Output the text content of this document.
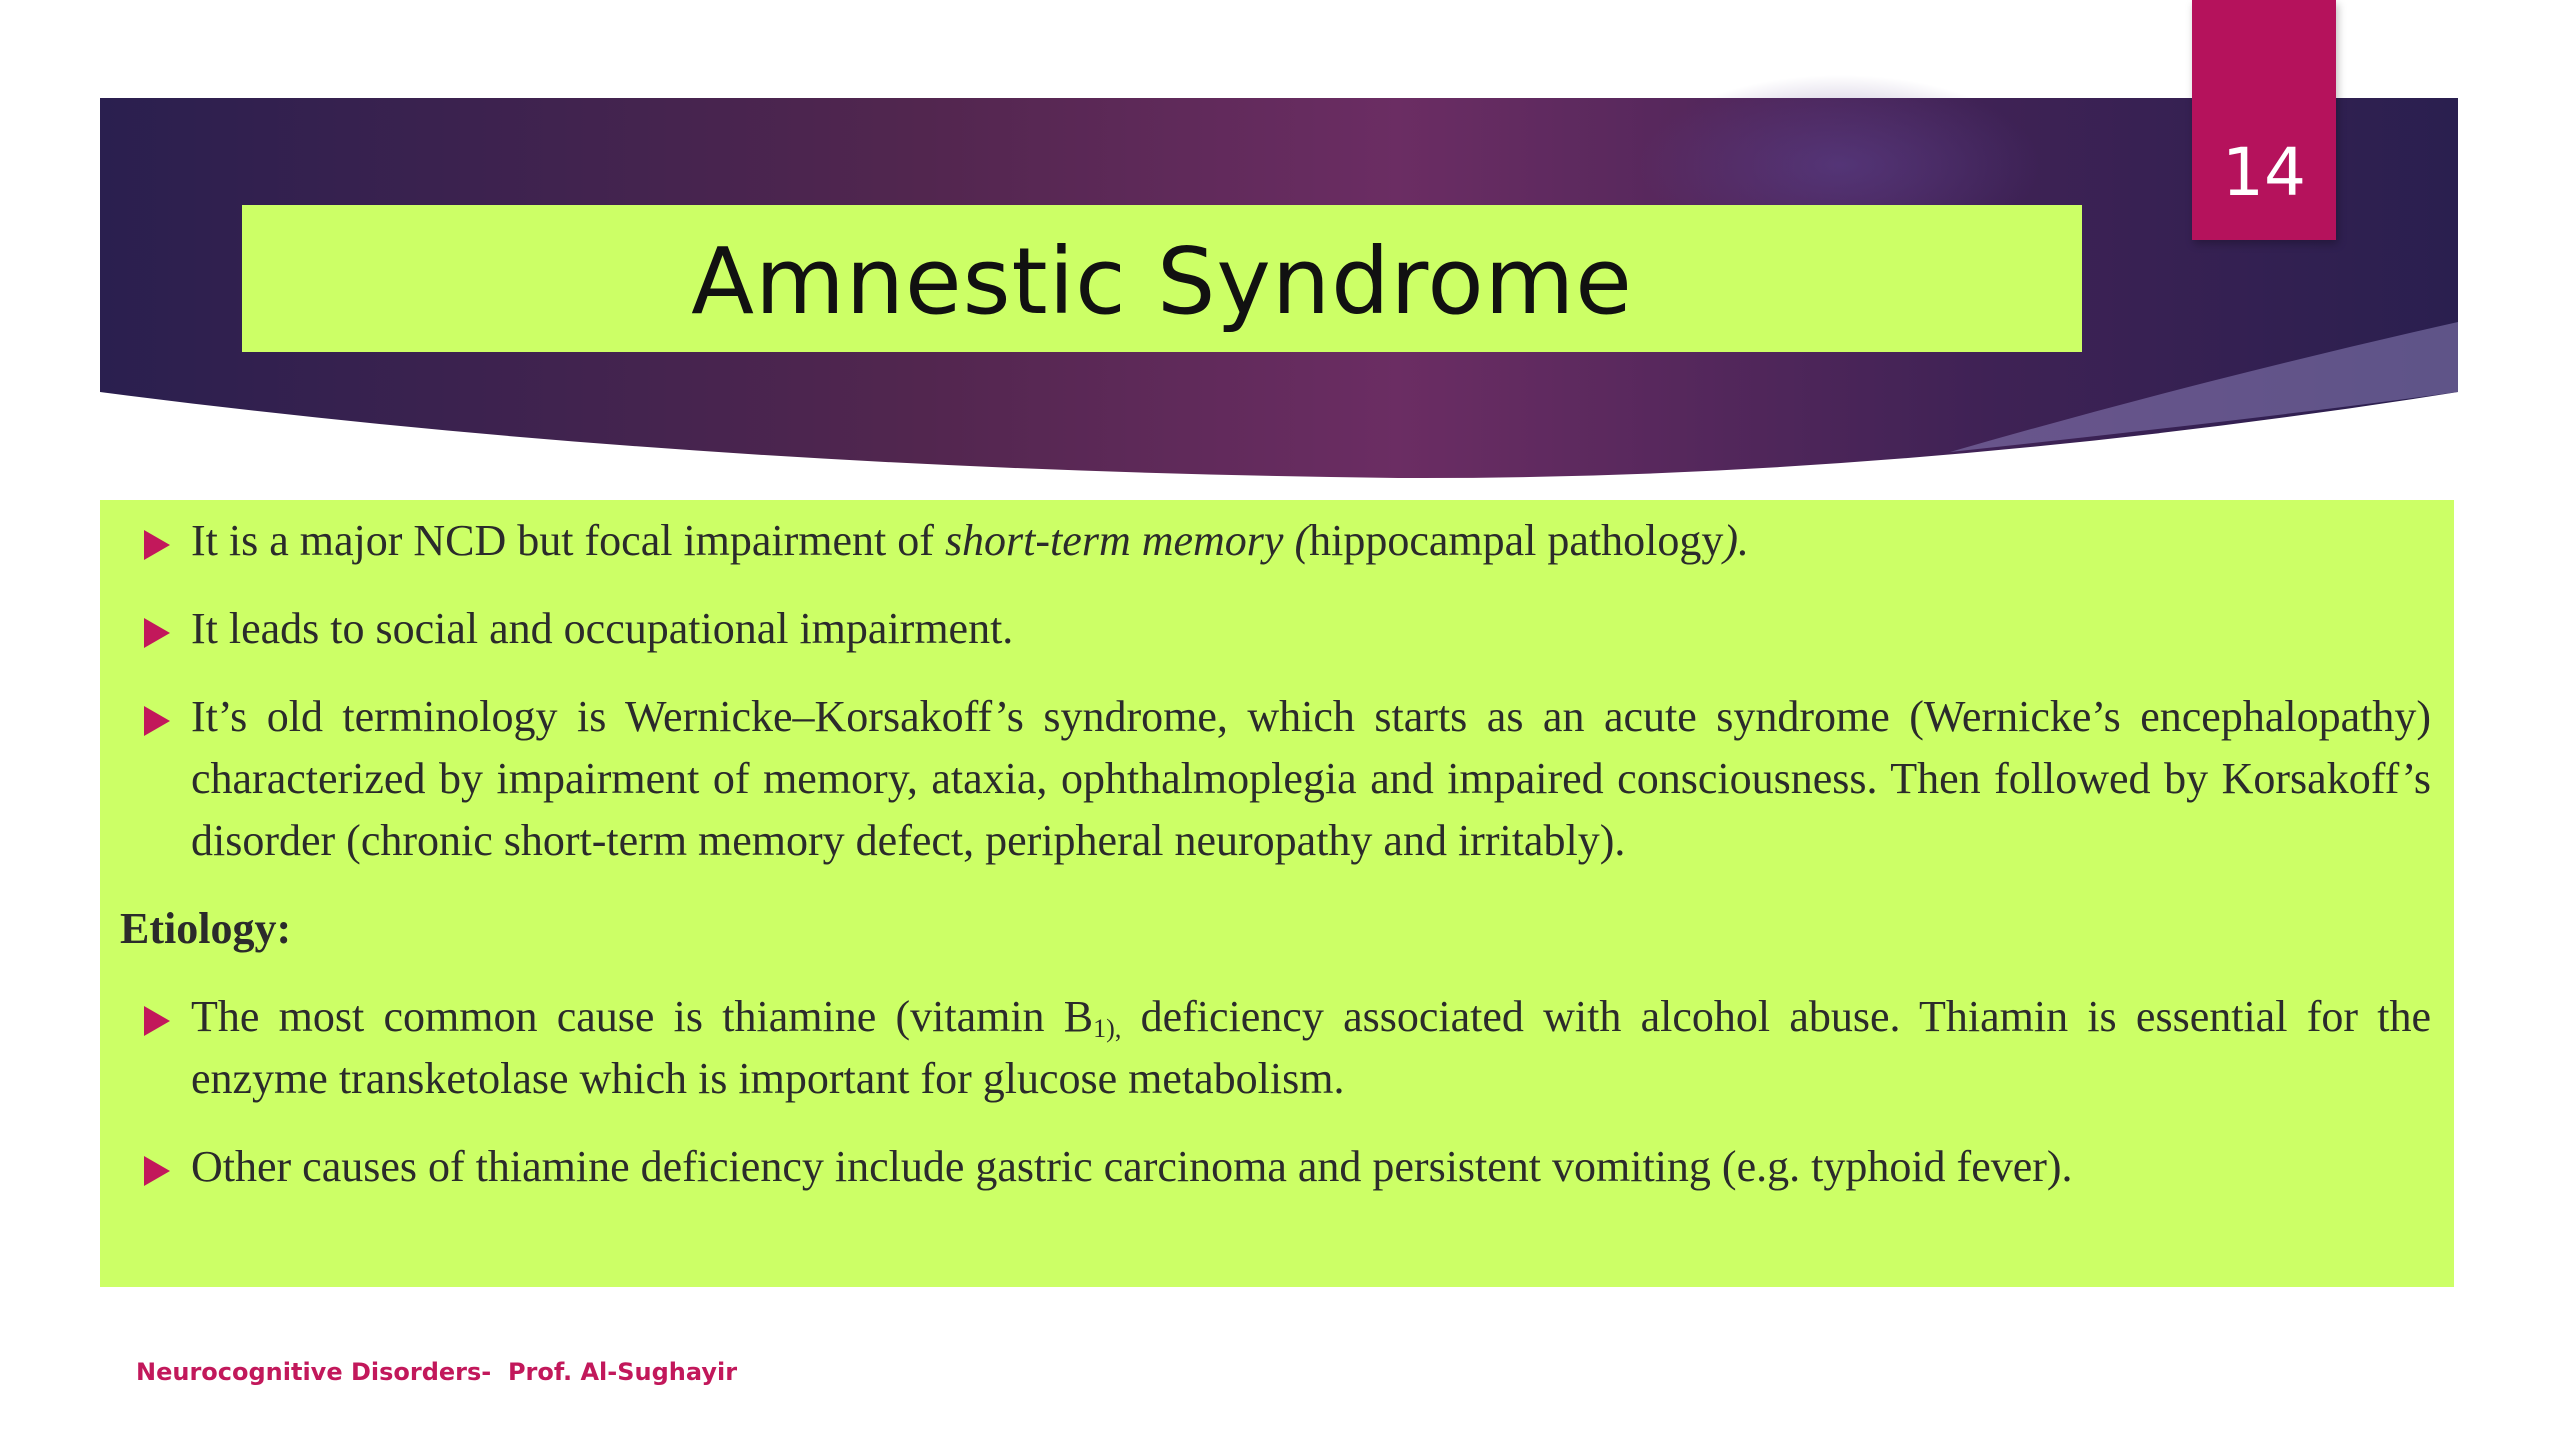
14
Amnestic Syndrome
It is a major NCD but focal impairment of short-term memory (hippocampal pathology).
It leads to social and occupational impairment.
It’s old terminology is Wernicke–Korsakoff’s syndrome, which starts as an acute syndrome (Wernicke’s encephalopathy) characterized by impairment of memory, ataxia, ophthalmoplegia and impaired consciousness. Then followed by Korsakoff’s disorder (chronic short-term memory defect, peripheral neuropathy and irritably).
Etiology:
The most common cause is thiamine (vitamin $B_{1),}$ deficiency associated with alcohol abuse. Thiamin is essential for the enzyme transketolase which is important for glucose metabolism.
Other causes of thiamine deficiency include gastric carcinoma and persistent vomiting (e.g. typhoid fever).
Neurocognitive Disorders-  Prof. Al-Sughayir
